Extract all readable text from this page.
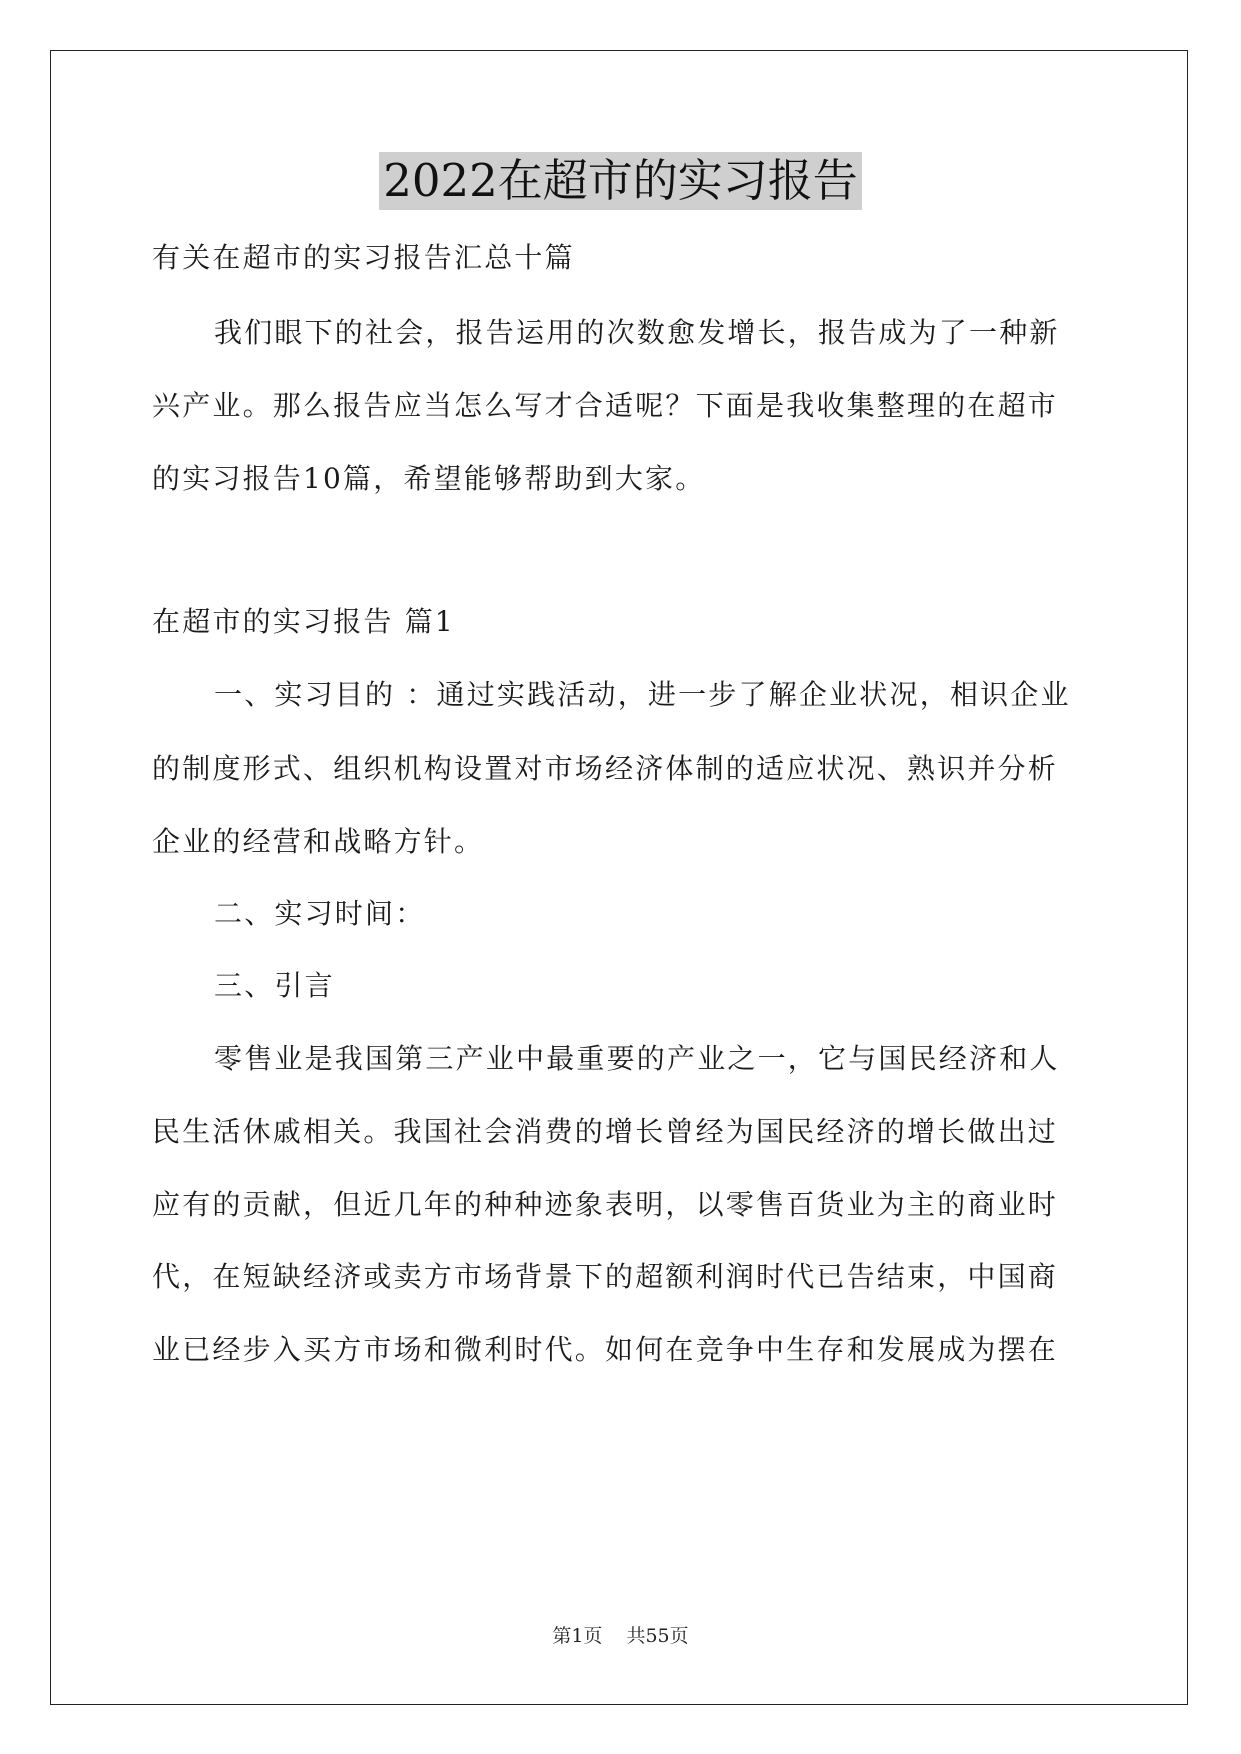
2022在超市的实习报告
有关在超市的实习报告汇总十篇
我们眼下的社会，报告运用的次数愈发增长，报告成为了一种新
兴产业。那么报告应当怎么写才合适呢？下面是我收集整理的在超市
的实习报告10篇，希望能够帮助到大家。
在超市的实习报告 篇1
一、实习目的 ：通过实践活动，进一步了解企业状况，相识企业
的制度形式、组织机构设置对市场经济体制的适应状况、熟识并分析
企业的经营和战略方针。
二、实习时间：
三、引言
零售业是我国第三产业中最重要的产业之一，它与国民经济和人
民生活休戚相关。我国社会消费的增长曾经为国民经济的增长做出过
应有的贡献，但近几年的种种迹象表明，以零售百货业为主的商业时
代，在短缺经济或卖方市场背景下的超额利润时代已告结束，中国商
业已经步入买方市场和微利时代。如何在竞争中生存和发展成为摆在
第1页 共55页
